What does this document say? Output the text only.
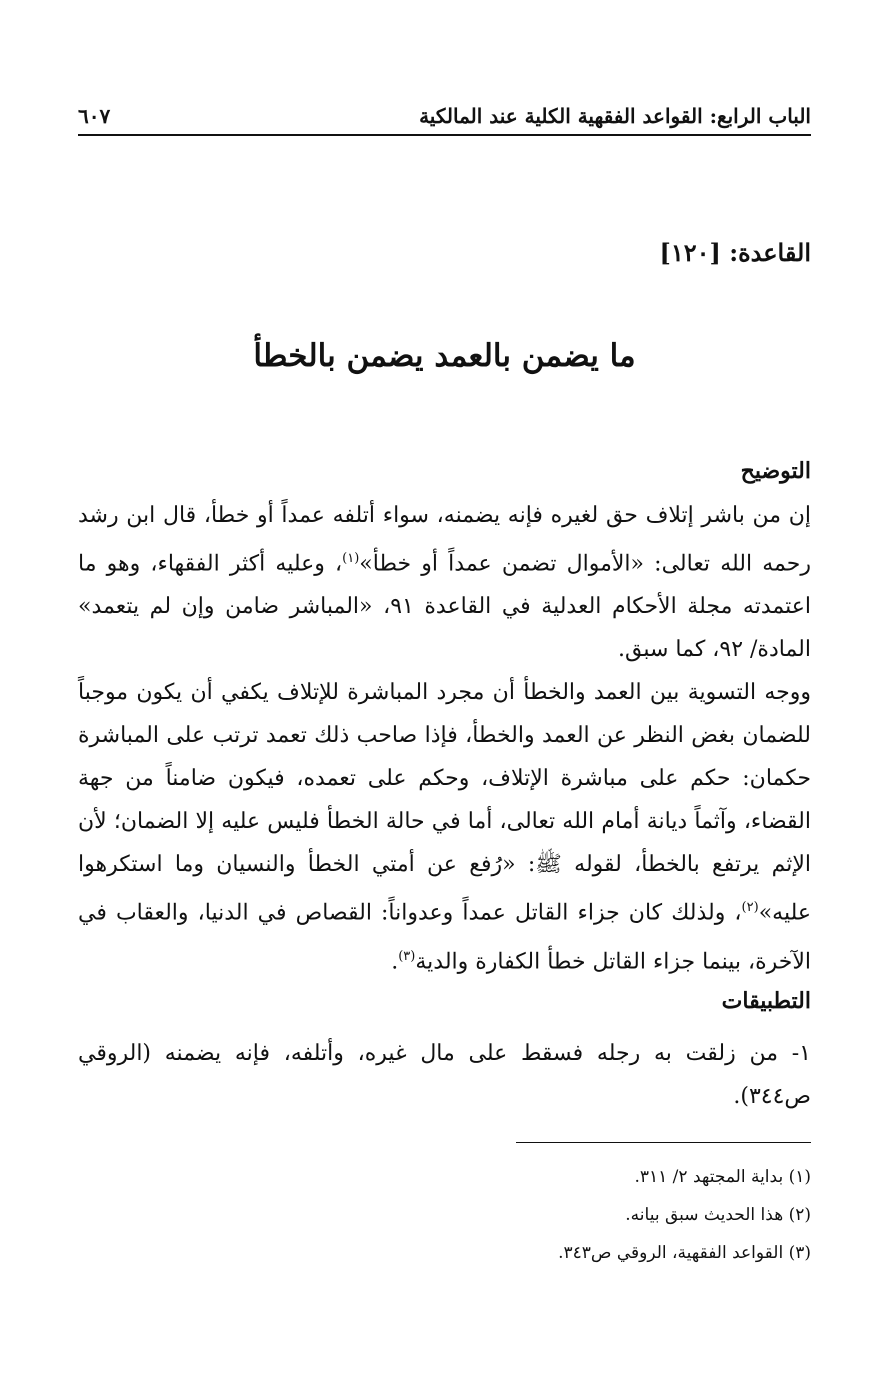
الباب الرابع: القواعد الفقهية الكلية عند المالكية
٦٠٧
القاعدة: [١٢٠]
ما يضمن بالعمد يضمن بالخطأ
التوضيح

إن من باشر إتلاف حق لغيره فإنه يضمنه، سواء أتلفه عمداً أو خطأ، قال ابن رشد رحمه الله تعالى: «الأموال تضمن عمداً أو خطأ»$^{(١)}$، وعليه أكثر الفقهاء، وهو ما اعتمدته مجلة الأحكام العدلية في القاعدة ٩١، «المباشر ضامن وإن لم يتعمد» المادة/ ٩٢، كما سبق.

ووجه التسوية بين العمد والخطأ أن مجرد المباشرة للإتلاف يكفي أن يكون موجباً للضمان بغض النظر عن العمد والخطأ، فإذا صاحب ذلك تعمد ترتب على المباشرة حكمان: حكم على مباشرة الإتلاف، وحكم على تعمده، فيكون ضامناً من جهة القضاء، وآثماً ديانة أمام الله تعالى، أما في حالة الخطأ فليس عليه إلا الضمان؛ لأن الإثم يرتفع بالخطأ، لقوله ﷺ: «رُفع عن أمتي الخطأ والنسيان وما استكرهوا عليه»$^{(٢)}$، ولذلك كان جزاء القاتل عمداً وعدواناً: القصاص في الدنيا، والعقاب في الآخرة، بينما جزاء القاتل خطأ الكفارة والدية$^{(٣)}$.

التطبيقات

١- من زلقت به رجله فسقط على مال غيره، وأتلفه، فإنه يضمنه (الروقي ص٣٤٤).

(١) بداية المجتهد ٢/ ٣١١.
(٢) هذا الحديث سبق بيانه.
(٣) القواعد الفقهية، الروقي ص٣٤٣.
